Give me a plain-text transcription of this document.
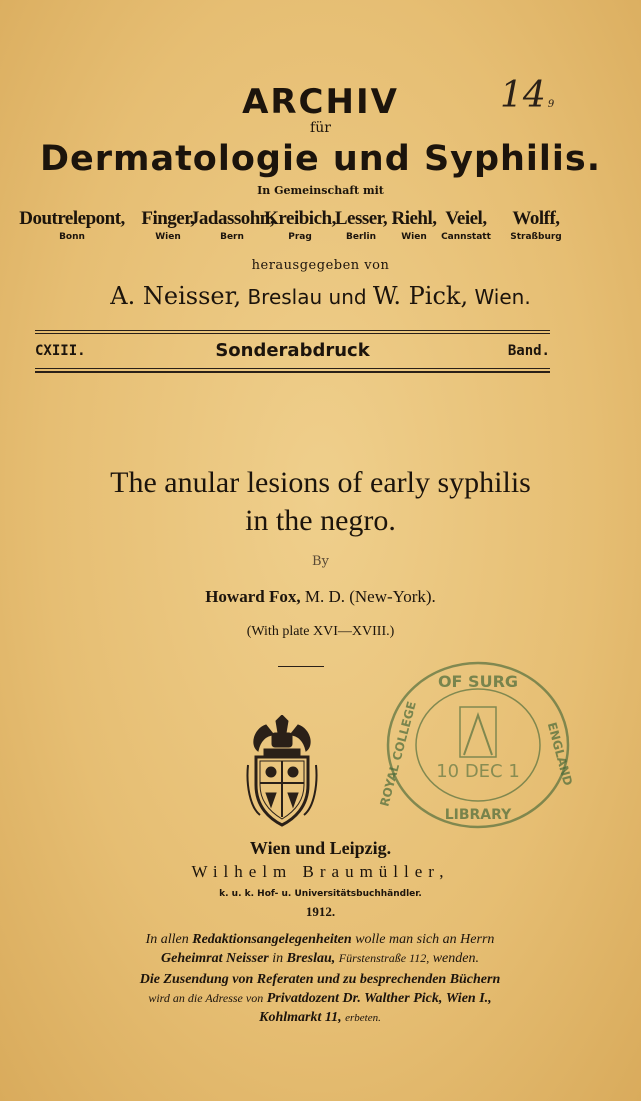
14 9
ARCHIV
für
Dermatologie und Syphilis.
In Gemeinschaft mit
Doutrelepont,
Bonn
Finger,
Wien
Jadassohn,
Bern
Kreibich,
Prag
Lesser,
Berlin
Riehl,
Wien
Veiel,
Cannstatt
Wolff,
Straßburg
herausgegeben von
A. Neisser, Breslau und W. Pick, Wien.
CXIII.	Sonderabdruck	Band.
The anular lesions of early syphilis
in the negro.
By
Howard Fox, M. D. (New-York).
(With plate XVI—XVIII.)
OF SURG
ROYAL COLLEGE	ENGLAND
LIBRARY
10 DEC 1
Wien und Leipzig.
Wilhelm Braumüller,
k. u. k. Hof- u. Universitätsbuchhändler.
1912.
In allen Redaktionsangelegenheiten wolle man sich an Herrn
Geheimrat Neisser in Breslau, Fürstenstraße 112, wenden.
Die Zusendung von Referaten und zu besprechenden Büchern
wird an die Adresse von Privatdozent Dr. Walther Pick, Wien I.,
Kohlmarkt 11, erbeten.
